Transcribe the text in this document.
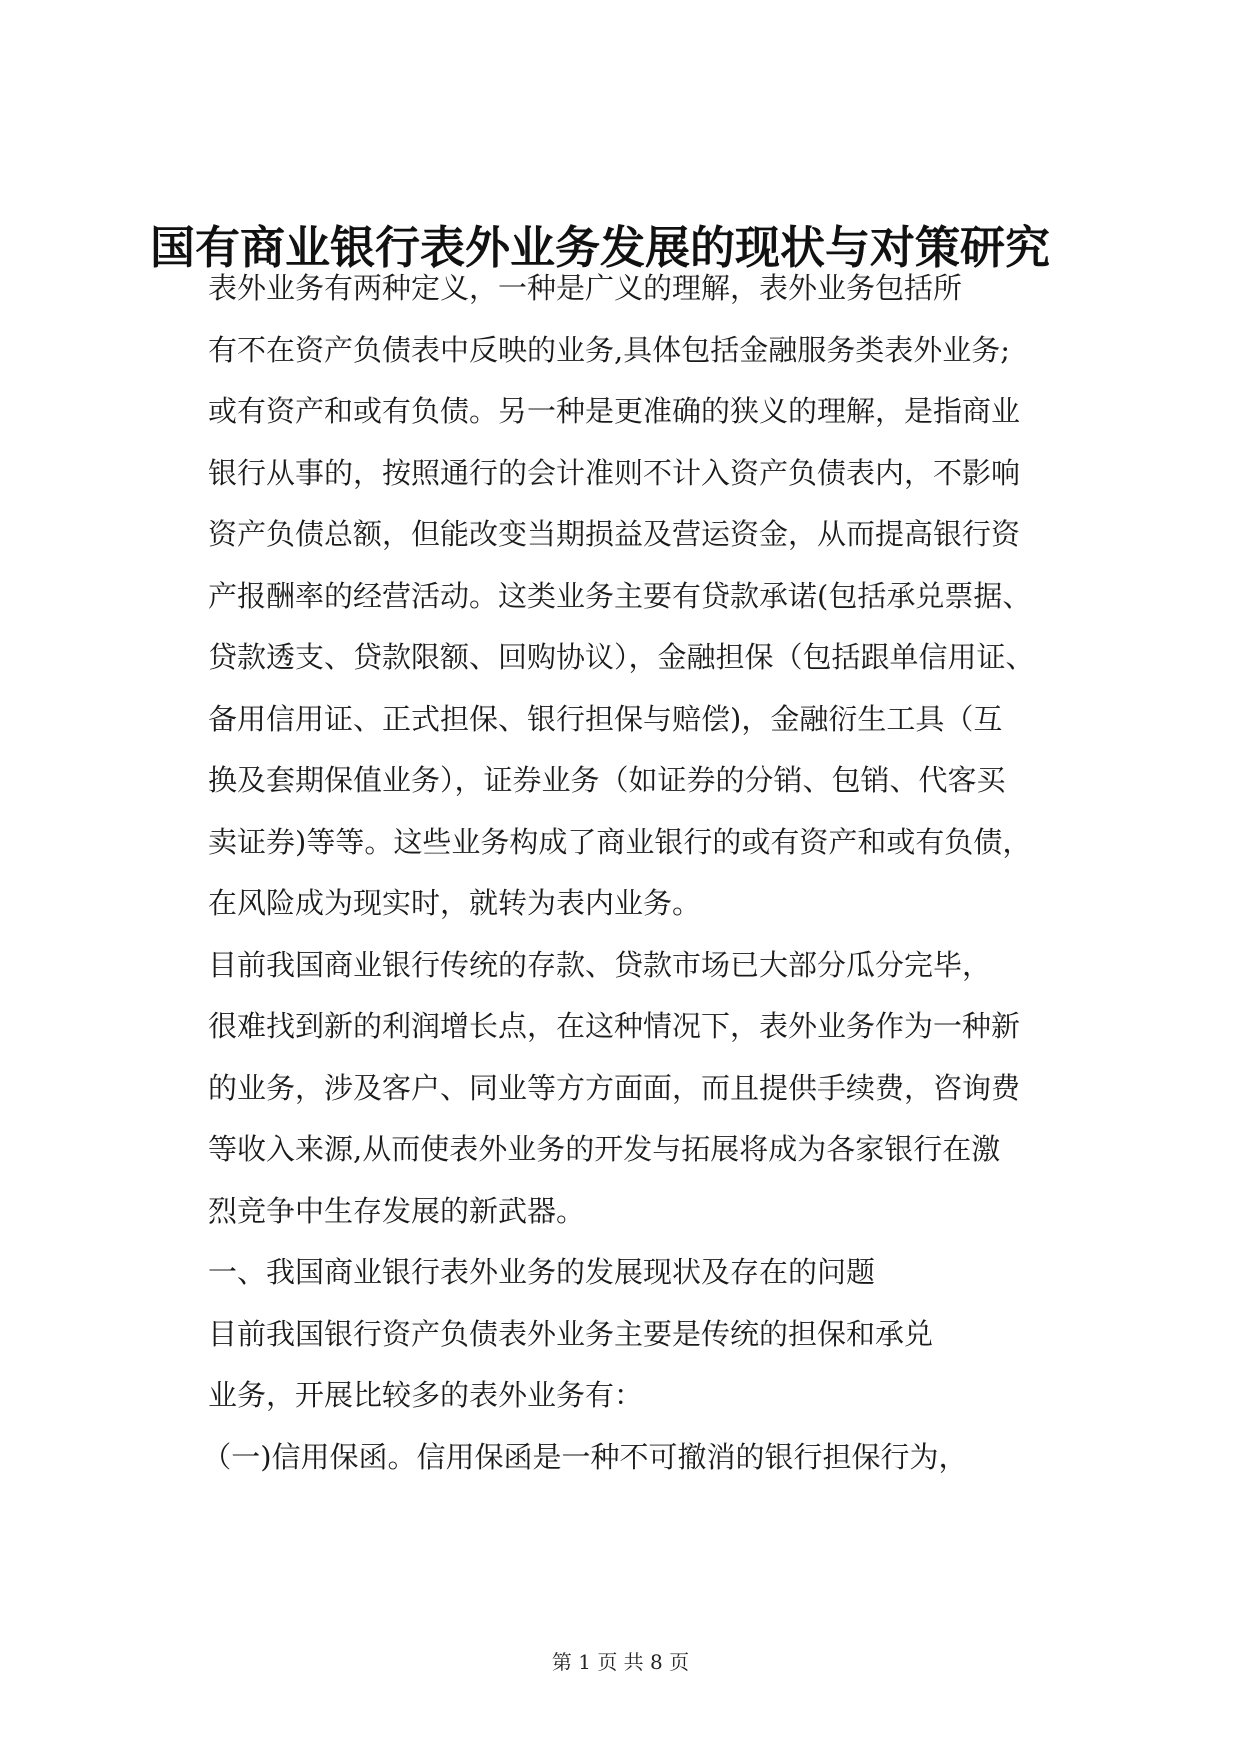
国有商业银行表外业务发展的现状与对策研究

表外业务有两种定义，一种是广义的理解，表外业务包括所
有不在资产负债表中反映的业务,具体包括金融服务类表外业务;
或有资产和或有负债。另一种是更准确的狭义的理解，是指商业
银行从事的，按照通行的会计准则不计入资产负债表内，不影响
资产负债总额，但能改变当期损益及营运资金，从而提高银行资
产报酬率的经营活动。这类业务主要有贷款承诺(包括承兑票据、
贷款透支、贷款限额、回购协议），金融担保（包括跟单信用证、
备用信用证、正式担保、银行担保与赔偿)，金融衍生工具（互
换及套期保值业务），证券业务（如证券的分销、包销、代客买
卖证券)等等。这些业务构成了商业银行的或有资产和或有负债，
在风险成为现实时，就转为表内业务。

目前我国商业银行传统的存款、贷款市场已大部分瓜分完毕，
很难找到新的利润增长点，在这种情况下，表外业务作为一种新
的业务，涉及客户、同业等方方面面，而且提供手续费，咨询费
等收入来源,从而使表外业务的开发与拓展将成为各家银行在激
烈竞争中生存发展的新武器。

一、我国商业银行表外业务的发展现状及存在的问题

目前我国银行资产负债表外业务主要是传统的担保和承兑
业务，开展比较多的表外业务有：

（一)信用保函。信用保函是一种不可撤消的银行担保行为，

第 1 页 共 8 页
